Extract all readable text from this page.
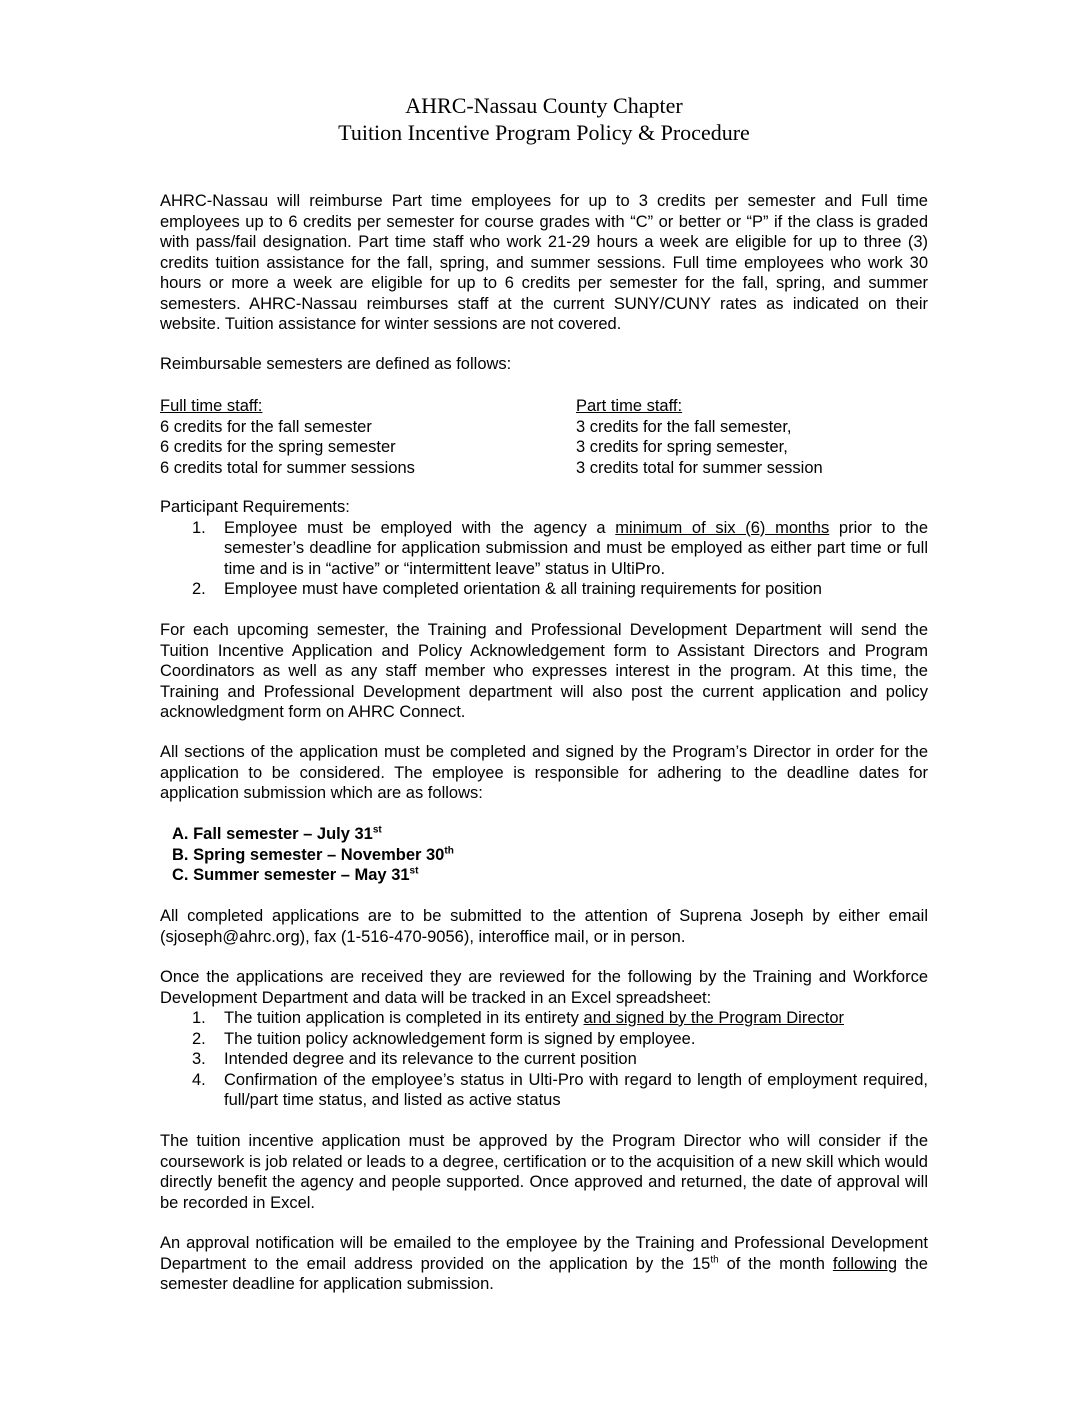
AHRC-Nassau County Chapter
Tuition Incentive Program Policy & Procedure
AHRC-Nassau will reimburse Part time employees for up to 3 credits per semester and Full time employees up to 6 credits per semester for course grades with “C” or better or “P” if the class is graded with pass/fail designation. Part time staff who work 21-29 hours a week are eligible for up to three (3) credits tuition assistance for the fall, spring, and summer sessions. Full time employees who work 30 hours or more a week are eligible for up to 6 credits per semester for the fall, spring, and summer semesters. AHRC-Nassau reimburses staff at the current SUNY/CUNY rates as indicated on their website. Tuition assistance for winter sessions are not covered.
Reimbursable semesters are defined as follows:
Full time staff:
6 credits for the fall semester
6 credits for the spring semester
6 credits total for summer sessions
Part time staff:
3 credits for the fall semester,
3 credits for spring semester,
3 credits total for summer session
Participant Requirements:
1. Employee must be employed with the agency a minimum of six (6) months prior to the semester’s deadline for application submission and must be employed as either part time or full time and is in “active” or “intermittent leave” status in UltiPro.
2. Employee must have completed orientation & all training requirements for position
For each upcoming semester, the Training and Professional Development Department will send the Tuition Incentive Application and Policy Acknowledgement form to Assistant Directors and Program Coordinators as well as any staff member who expresses interest in the program. At this time, the Training and Professional Development department will also post the current application and policy acknowledgment form on AHRC Connect.
All sections of the application must be completed and signed by the Program’s Director in order for the application to be considered. The employee is responsible for adhering to the deadline dates for application submission which are as follows:
A. Fall semester – July 31st
B. Spring semester – November 30th
C. Summer semester – May 31st
All completed applications are to be submitted to the attention of Suprena Joseph by either email (sjoseph@ahrc.org), fax (1-516-470-9056), interoffice mail, or in person.
Once the applications are received they are reviewed for the following by the Training and Workforce Development Department and data will be tracked in an Excel spreadsheet:
1. The tuition application is completed in its entirety and signed by the Program Director
2. The tuition policy acknowledgement form is signed by employee.
3. Intended degree and its relevance to the current position
4. Confirmation of the employee’s status in Ulti-Pro with regard to length of employment required, full/part time status, and listed as active status
The tuition incentive application must be approved by the Program Director who will consider if the coursework is job related or leads to a degree, certification or to the acquisition of a new skill which would directly benefit the agency and people supported. Once approved and returned, the date of approval will be recorded in Excel.
An approval notification will be emailed to the employee by the Training and Professional Development Department to the email address provided on the application by the 15th of the month following the semester deadline for application submission.
